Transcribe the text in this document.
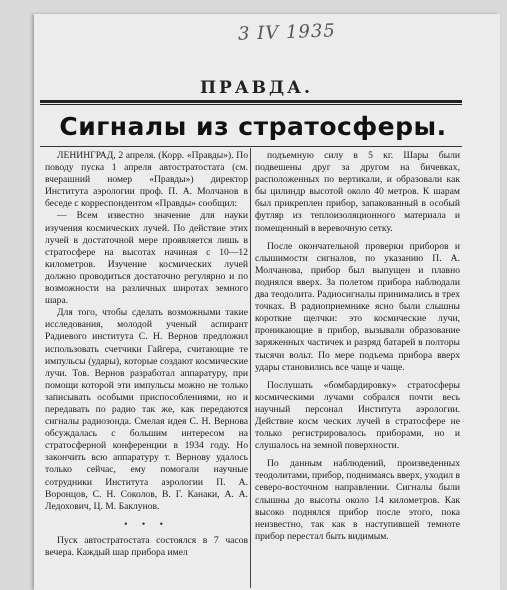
3 IV 1935
ПРАВДА.
Сигналы из стратосферы.

ЛЕНИНГРАД, 2 апреля. (Корр. «Правды»). По поводу пуска 1 апреля автостратостата (см. вчерашний номер «Правды») директор Института аэрологии проф. П. А. Молчанов в беседе с корреспондентом «Правды» сообщил:

— Всем известно значение для науки изучения космических лучей. По действие этих лучей в достаточной мере проявляется лишь в стратосфере на высотах начиная с 10—12 километров. Изучение космических лучей должно проводиться достаточно регулярно и по возможности на различных широтах земного шара.

Для того, чтобы сделать возможными такие исследования, молодой ученый аспирант Радиевого института С. Н. Вернов предложил использовать счетчики Гайгера, считающие те импульсы (удары), которые создают космические лучи. Тов. Вернов разработал аппаратуру, при помощи которой эти импульсы можно не только записывать особыми приспособлениями, но и передавать по радио так же, как передаются сигналы радиозонда. Смелая идея С. Н. Вернова обсуждалась с большим интересом на стратосферной конференции в 1934 году. Но закончить всю аппаратуру т. Вернову удалось только сейчас, ему помогали научные сотрудники Института аэрологии П. А. Воронцов, С. Н. Соколов, В. Г. Канаки, А. А. Ледохович, Ц. М. Баклунов.

• • •

Пуск автостратостата состоялся в 7 часов вечера. Каждый шар прибора имел

подъемную силу в 5 кг. Шары были подвешены друг за другом на бичевках, расположенных по вертикали, и образовали как бы цилиндр высотой около 40 метров. К шарам был прикреплен прибор, запакованный в особый футляр из теплоизоляционного материала и помещенный в веревочную сетку.

После окончательной проверки приборов и слышимости сигналов, по указанию П. А. Молчанова, прибор был выпущен и плавно поднялся вверх. За полетом прибора наблюдали два теодолита. Радиосигналы принимались в трех точках. В радиоприемнике ясно были слышны короткие щелчки: это космические лучи, проникающие в прибор, вызывали образование заряженных частичек и разряд батарей в полторы тысячи вольт. По мере подъема прибора вверх удары становились все чаще и чаще.

Послушать «бомбардировку» стратосферы космическими лучами собрался почти весь научный персонал Института аэрологии. Действие косм ческих лучей в стратосфере не только регистрировалось приборами, но и слушалось на земной поверхности.

По данным наблюдений, произведенных теодолитами, прибор, поднимаясь вверх, уходил в северо-восточном направлении. Сигналы были слышны до высоты около 14 километров. Как высоко поднялся прибор после этого, пока неизвестно, так как в наступившей темноте прибор перестал быть видимым.
